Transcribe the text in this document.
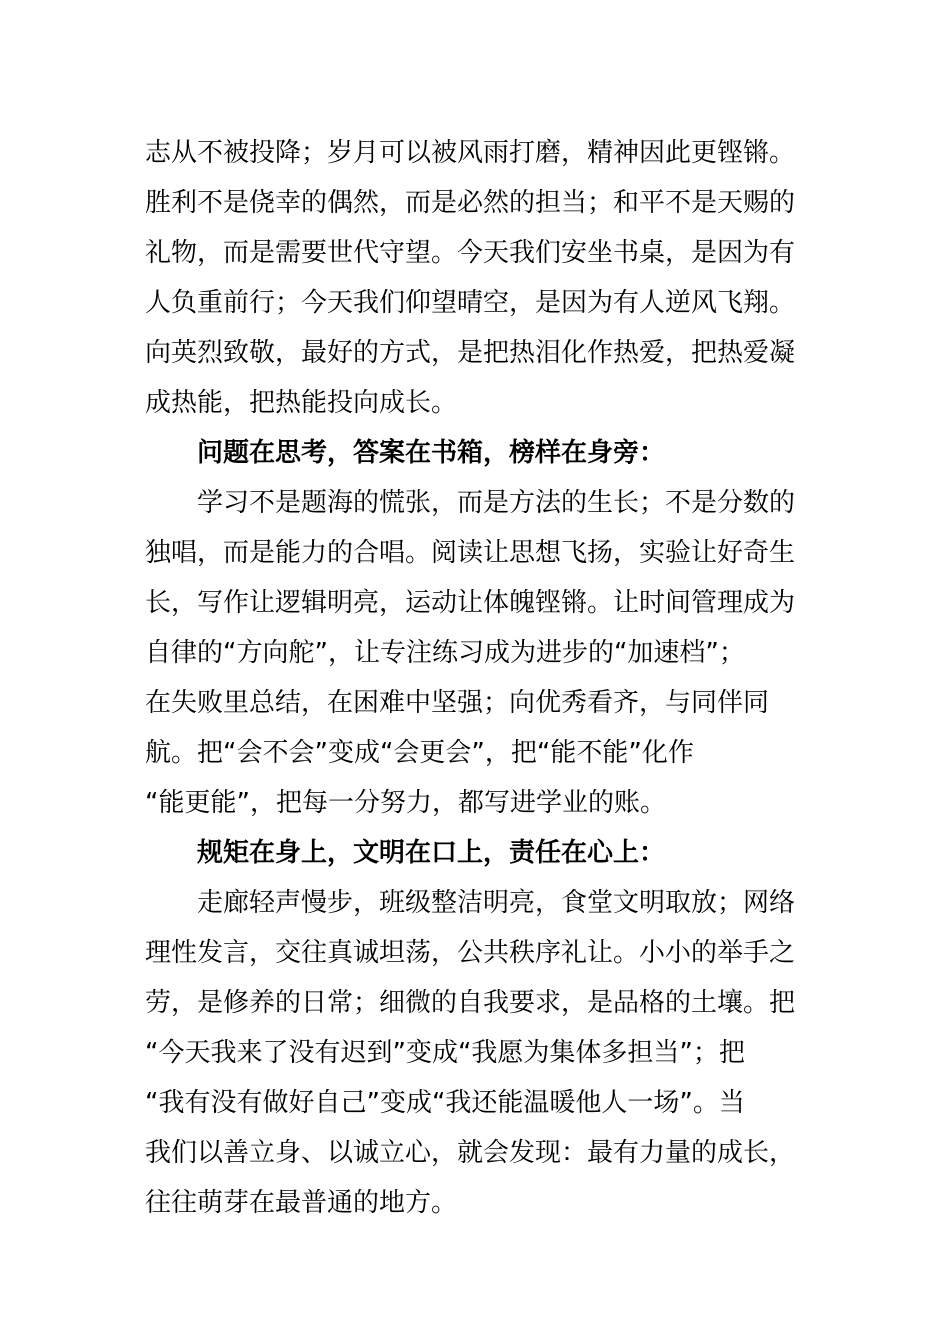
志从不被投降；岁月可以被风雨打磨，精神因此更铿锵。
胜利不是侥幸的偶然，而是必然的担当；和平不是天赐的
礼物，而是需要世代守望。今天我们安坐书桌，是因为有
人负重前行；今天我们仰望晴空，是因为有人逆风飞翔。
向英烈致敬，最好的方式，是把热泪化作热爱，把热爱凝
成热能，把热能投向成长。
问题在思考，答案在书箱，榜样在身旁：
学习不是题海的慌张，而是方法的生长；不是分数的
独唱，而是能力的合唱。阅读让思想飞扬，实验让好奇生
长，写作让逻辑明亮，运动让体魄铿锵。让时间管理成为
自律的“方向舵”，让专注练习成为进步的“加速档”；
在失败里总结，在困难中坚强；向优秀看齐，与同伴同
航。把“会不会”变成“会更会”，把“能不能”化作
“能更能”，把每一分努力，都写进学业的账。
规矩在身上，文明在口上，责任在心上：
走廊轻声慢步，班级整洁明亮，食堂文明取放；网络
理性发言，交往真诚坦荡，公共秩序礼让。小小的举手之
劳，是修养的日常；细微的自我要求，是品格的土壤。把
“今天我来了没有迟到”变成“我愿为集体多担当”；把
“我有没有做好自己”变成“我还能温暖他人一场”。当
我们以善立身、以诚立心，就会发现：最有力量的成长，
往往萌芽在最普通的地方。
